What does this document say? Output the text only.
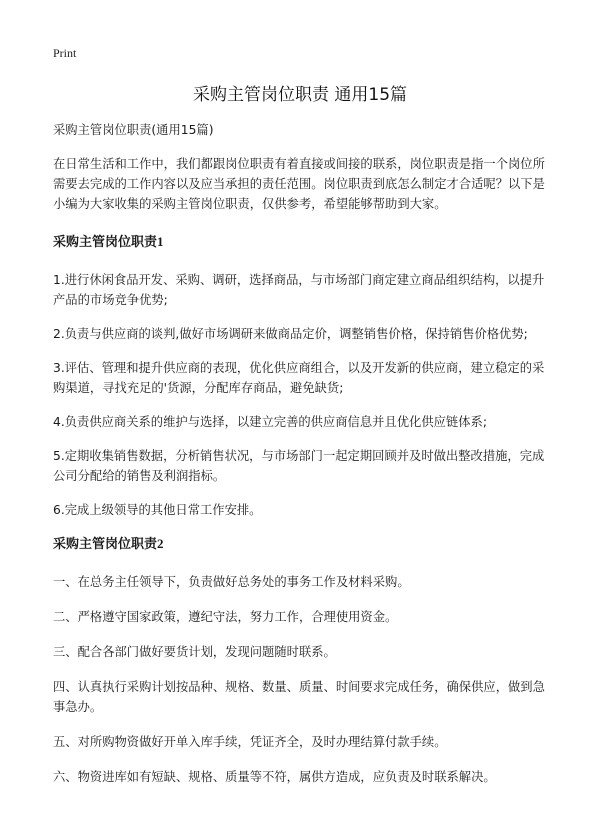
Print
采购主管岗位职责 通用15篇

采购主管岗位职责(通用15篇)

在日常生活和工作中，我们都跟岗位职责有着直接或间接的联系，岗位职责是指一个岗位所需要去完成的工作内容以及应当承担的责任范围。岗位职责到底怎么制定才合适呢？以下是小编为大家收集的采购主管岗位职责，仅供参考，希望能够帮助到大家。

采购主管岗位职责1

1.进行休闲食品开发、采购、调研，选择商品，与市场部门商定建立商品组织结构，以提升产品的市场竞争优势;

2.负责与供应商的谈判,做好市场调研来做商品定价，调整销售价格，保持销售价格优势;

3.评估、管理和提升供应商的表现，优化供应商组合，以及开发新的供应商，建立稳定的采购渠道，寻找充足的'货源，分配库存商品，避免缺货;

4.负责供应商关系的维护与选择，以建立完善的供应商信息并且优化供应链体系;

5.定期收集销售数据，分析销售状况，与市场部门一起定期回顾并及时做出整改措施，完成公司分配给的销售及利润指标。

6.完成上级领导的其他日常工作安排。

采购主管岗位职责2

一、在总务主任领导下，负责做好总务处的事务工作及材料采购。

二、严格遵守国家政策，遵纪守法，努力工作，合理使用资金。

三、配合各部门做好要货计划，发现问题随时联系。

四、认真执行采购计划按品种、规格、数量、质量、时间要求完成任务，确保供应，做到急事急办。

五、对所购物资做好开单入库手续，凭证齐全，及时办理结算付款手续。

六、物资进库如有短缺、规格、质量等不符，属供方造成，应负责及时联系解决。
